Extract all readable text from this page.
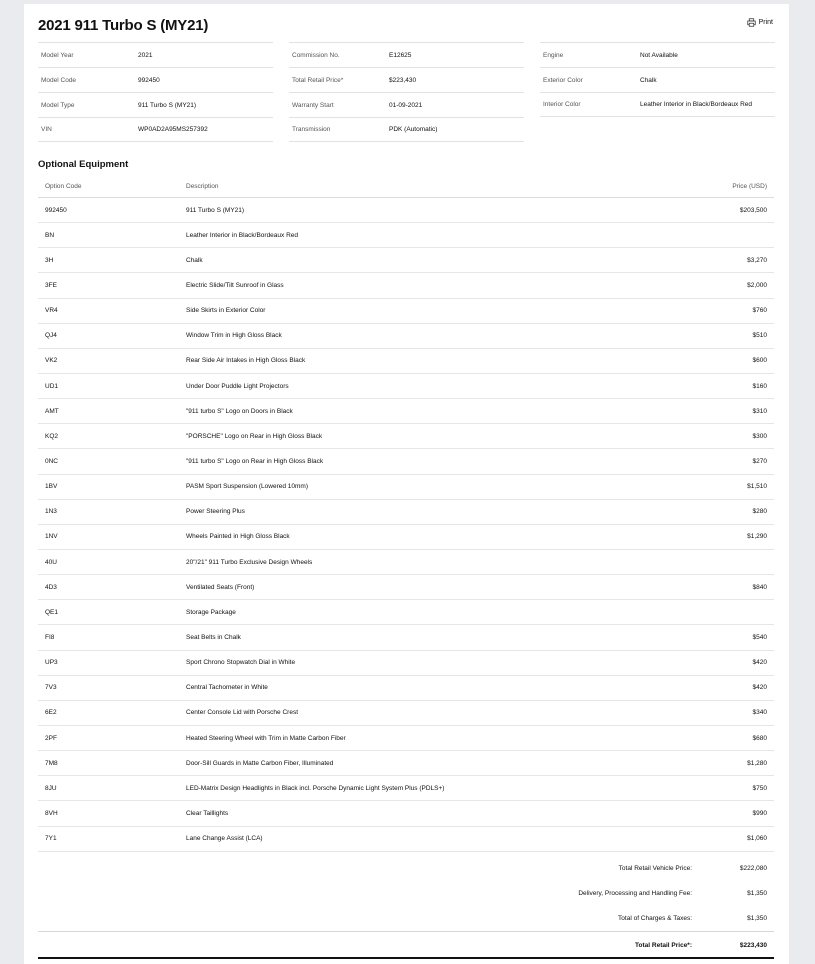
2021 911 Turbo S (MY21)	Print
Model Year	2021
Model Code	992450
Model Type	911 Turbo S (MY21)
VIN	WP0AD2A95MS257392
Commission No.	E12625
Total Retail Price*	$223,430
Warranty Start	01-09-2021
Transmission	PDK (Automatic)
Engine	Not Available
Exterior Color	Chalk
Interior Color	Leather Interior in Black/Bordeaux Red
Optional Equipment
Option Code	Description	Price (USD)
992450	911 Turbo S (MY21)	$203,500
BN	Leather Interior in Black/Bordeaux Red
3H	Chalk	$3,270
3FE	Electric Slide/Tilt Sunroof in Glass	$2,000
VR4	Side Skirts in Exterior Color	$760
QJ4	Window Trim in High Gloss Black	$510
VK2	Rear Side Air Intakes in High Gloss Black	$600
UD1	Under Door Puddle Light Projectors	$160
AMT	"911 turbo S" Logo on Doors in Black	$310
KQ2	"PORSCHE" Logo on Rear in High Gloss Black	$300
0NC	"911 turbo S" Logo on Rear in High Gloss Black	$270
1BV	PASM Sport Suspension (Lowered 10mm)	$1,510
1N3	Power Steering Plus	$280
1NV	Wheels Painted in High Gloss Black	$1,290
40U	20"/21" 911 Turbo Exclusive Design Wheels
4D3	Ventilated Seats (Front)	$840
QE1	Storage Package
FI8	Seat Belts in Chalk	$540
UP3	Sport Chrono Stopwatch Dial in White	$420
7V3	Central Tachometer in White	$420
6E2	Center Console Lid with Porsche Crest	$340
2PF	Heated Steering Wheel with Trim in Matte Carbon Fiber	$680
7M8	Door-Sill Guards in Matte Carbon Fiber, Illuminated	$1,280
8JU	LED-Matrix Design Headlights in Black incl. Porsche Dynamic Light System Plus (PDLS+)	$750
8VH	Clear Taillights	$990
7Y1	Lane Change Assist (LCA)	$1,060
Total Retail Vehicle Price:	$222,080
Delivery, Processing and Handling Fee:	$1,350
Total of Charges & Taxes:	$1,350
Total Retail Price*:	$223,430
